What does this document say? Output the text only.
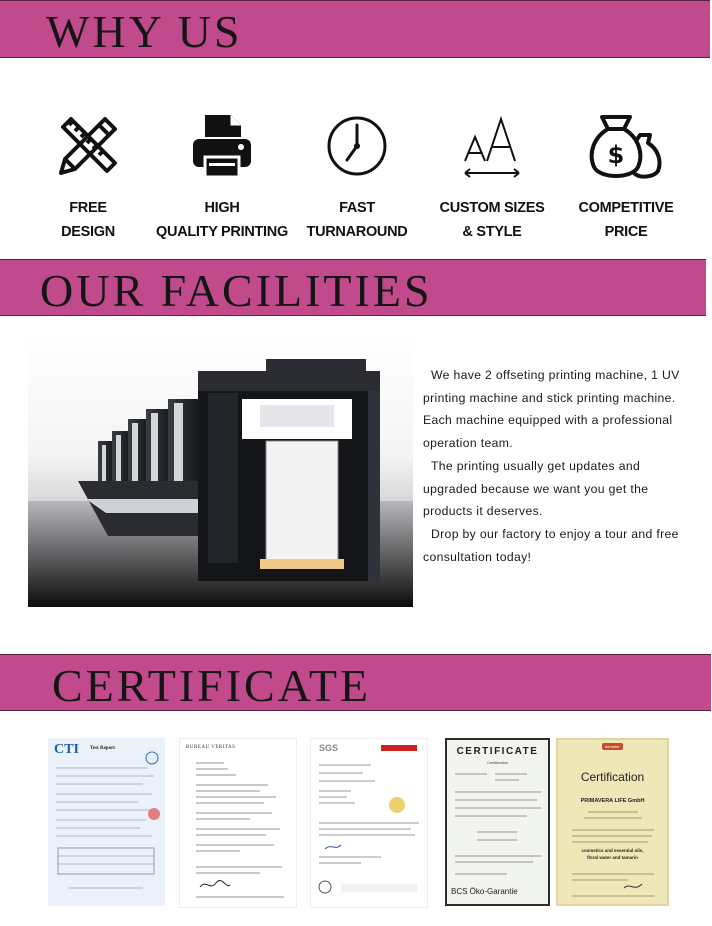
WHY US
FREE
DESIGN
HIGH
QUALITY PRINTING
FAST
TURNAROUND
CUSTOM SIZES
& STYLE
$
COMPETITIVE
PRICE
OUR FACILITIES

We have 2 offseting printing machine, 1 UV printing machine and stick printing machine. Each machine equipped with a professional operation team.

The printing usually get updates and upgraded because we want you get the products it deserves.

Drop by our factory to enjoy a tour and free consultation today!

CERTIFICATE
CTI Test Report	BUREAU VERITAS	SGS	CERTIFICATE
Certification
BCS Öko-Garantie
demeter
Certification
PRIMAVERA LIFE GmbH
cosmetics and essential oils,
floral water and tamarin
